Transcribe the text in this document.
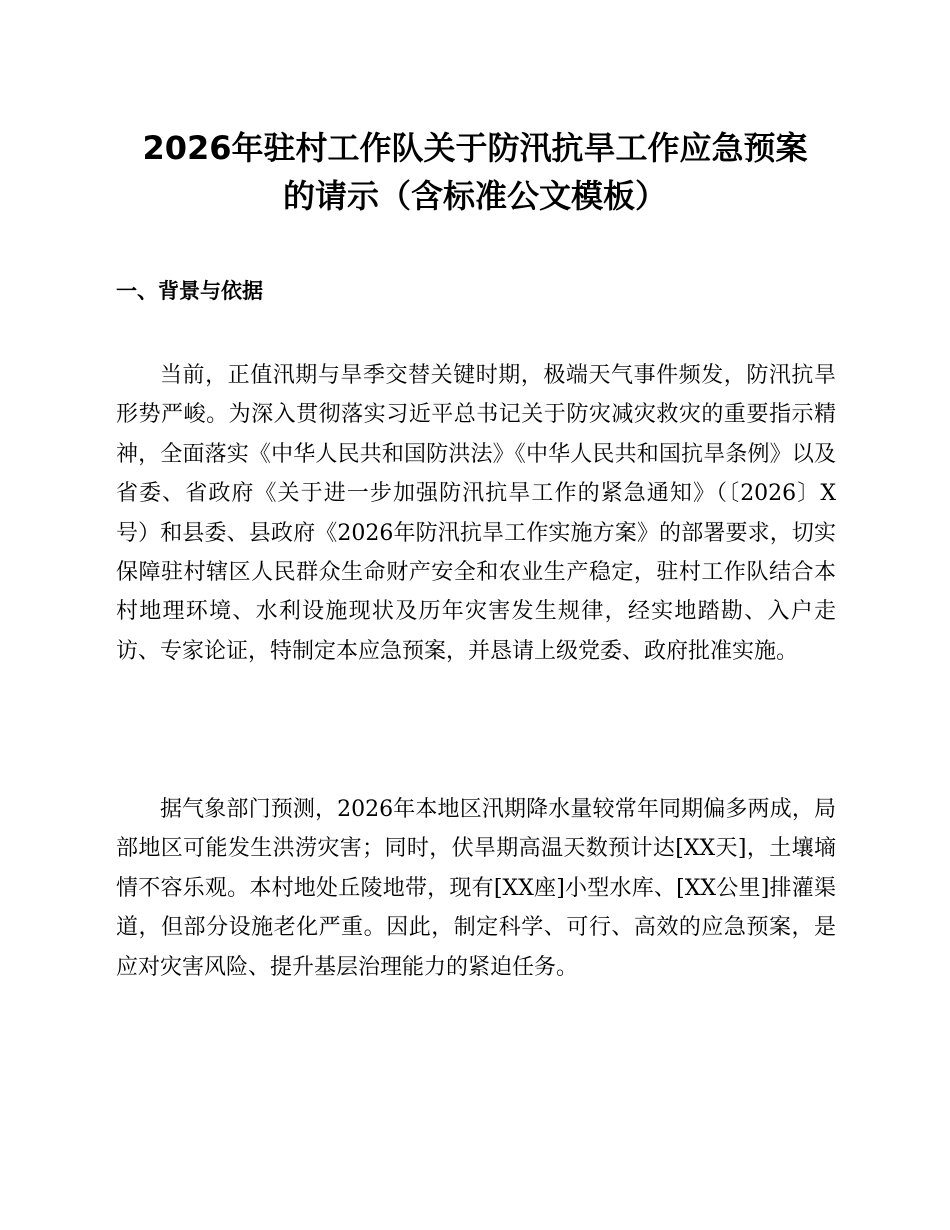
2026年驻村工作队关于防汛抗旱工作应急预案
的请示（含标准公文模板）
一、背景与依据

当前，正值汛期与旱季交替关键时期，极端天气事件频发，防汛抗旱形势严峻。为深入贯彻落实习近平总书记关于防灾减灾救灾的重要指示精神，全面落实《中华人民共和国防洪法》《中华人民共和国抗旱条例》以及省委、省政府《关于进一步加强防汛抗旱工作的紧急通知》（〔2026〕X号）和县委、县政府《2026年防汛抗旱工作实施方案》的部署要求，切实保障驻村辖区人民群众生命财产安全和农业生产稳定，驻村工作队结合本村地理环境、水利设施现状及历年灾害发生规律，经实地踏勘、入户走访、专家论证，特制定本应急预案，并恳请上级党委、政府批准实施。

据气象部门预测，2026年本地区汛期降水量较常年同期偏多两成，局部地区可能发生洪涝灾害；同时，伏旱期高温天数预计达[XX天]，土壤墒情不容乐观。本村地处丘陵地带，现有[XX座]小型水库、[XX公里]排灌渠道，但部分设施老化严重。因此，制定科学、可行、高效的应急预案，是应对灾害风险、提升基层治理能力的紧迫任务。
